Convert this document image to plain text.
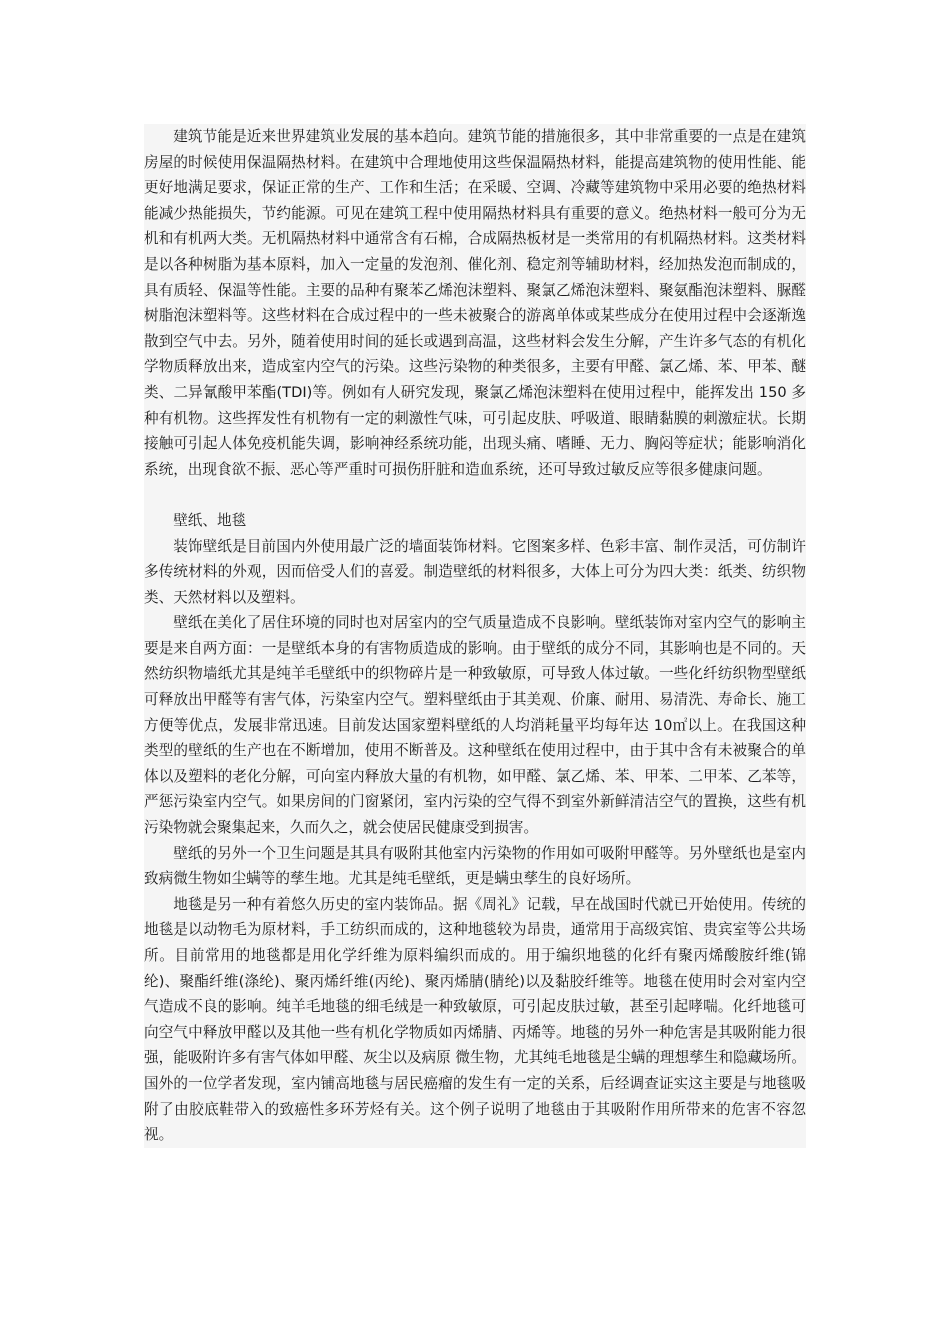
建筑节能是近来世界建筑业发展的基本趋向。建筑节能的措施很多，其中非常重要的一点是在建筑房屋的时候使用保温隔热材料。在建筑中合理地使用这些保温隔热材料，能提高建筑物的使用性能、能更好地满足要求，保证正常的生产、工作和生活；在采暖、空调、冷藏等建筑物中采用必要的绝热材料能减少热能损失，节约能源。可见在建筑工程中使用隔热材料具有重要的意义。绝热材料一般可分为无机和有机两大类。无机隔热材料中通常含有石棉，合成隔热板材是一类常用的有机隔热材料。这类材料是以各种树脂为基本原料，加入一定量的发泡剂、催化剂、稳定剂等辅助材料，经加热发泡而制成的，具有质轻、保温等性能。主要的品种有聚苯乙烯泡沫塑料、聚氯乙烯泡沫塑料、聚氨酯泡沫塑料、脲醛树脂泡沫塑料等。这些材料在合成过程中的一些未被聚合的游离单体或某些成分在使用过程中会逐渐逸散到空气中去。另外，随着使用时间的延长或遇到高温，这些材料会发生分解，产生许多气态的有机化学物质释放出来，造成室内空气的污染。这些污染物的种类很多，主要有甲醛、氯乙烯、苯、甲苯、醚类、二异氰酸甲苯酯(TDI)等。例如有人研究发现，聚氯乙烯泡沫塑料在使用过程中，能挥发出 150 多种有机物。这些挥发性有机物有一定的刺激性气味，可引起皮肤、呼吸道、眼睛黏膜的刺激症状。长期接触可引起人体免疫机能失调，影响神经系统功能，出现头痛、嗜睡、无力、胸闷等症状；能影响消化系统，出现食欲不振、恶心等严重时可损伤肝脏和造血系统，还可导致过敏反应等很多健康问题。

壁纸、地毯

装饰壁纸是目前国内外使用最广泛的墙面装饰材料。它图案多样、色彩丰富、制作灵活，可仿制许多传统材料的外观，因而倍受人们的喜爱。制造壁纸的材料很多，大体上可分为四大类：纸类、纺织物类、天然材料以及塑料。

壁纸在美化了居住环境的同时也对居室内的空气质量造成不良影响。壁纸装饰对室内空气的影响主要是来自两方面：一是壁纸本身的有害物质造成的影响。由于壁纸的成分不同，其影响也是不同的。天然纺织物墙纸尤其是纯羊毛壁纸中的织物碎片是一种致敏原，可导致人体过敏。一些化纤纺织物型壁纸可释放出甲醛等有害气体，污染室内空气。塑料壁纸由于其美观、价廉、耐用、易清洗、寿命长、施工方便等优点，发展非常迅速。目前发达国家塑料壁纸的人均消耗量平均每年达 10㎡以上。在我国这种类型的壁纸的生产也在不断增加，使用不断普及。这种壁纸在使用过程中，由于其中含有未被聚合的单体以及塑料的老化分解，可向室内释放大量的有机物，如甲醛、氯乙烯、苯、甲苯、二甲苯、乙苯等，严惩污染室内空气。如果房间的门窗紧闭，室内污染的空气得不到室外新鲜清洁空气的置换，这些有机污染物就会聚集起来，久而久之，就会使居民健康受到损害。

壁纸的另外一个卫生问题是其具有吸附其他室内污染物的作用如可吸附甲醛等。另外壁纸也是室内致病微生物如尘螨等的孳生地。尤其是纯毛壁纸，更是螨虫孳生的良好场所。

地毯是另一种有着悠久历史的室内装饰品。据《周礼》记载，早在战国时代就已开始使用。传统的地毯是以动物毛为原材料，手工纺织而成的，这种地毯较为昂贵，通常用于高级宾馆、贵宾室等公共场所。目前常用的地毯都是用化学纤维为原料编织而成的。用于编织地毯的化纤有聚丙烯酸胺纤维(锦纶)、聚酯纤维(涤纶)、聚丙烯纤维(丙纶)、聚丙烯腈(腈纶)以及黏胶纤维等。地毯在使用时会对室内空气造成不良的影响。纯羊毛地毯的细毛绒是一种致敏原，可引起皮肤过敏，甚至引起哮喘。化纤地毯可向空气中释放甲醛以及其他一些有机化学物质如丙烯腈、丙烯等。地毯的另外一种危害是其吸附能力很强，能吸附许多有害气体如甲醛、灰尘以及病原 微生物，尤其纯毛地毯是尘螨的理想孳生和隐藏场所。国外的一位学者发现，室内铺高地毯与居民癌瘤的发生有一定的关系，后经调查证实这主要是与地毯吸附了由胶底鞋带入的致癌性多环芳烃有关。这个例子说明了地毯由于其吸附作用所带来的危害不容忽视。
